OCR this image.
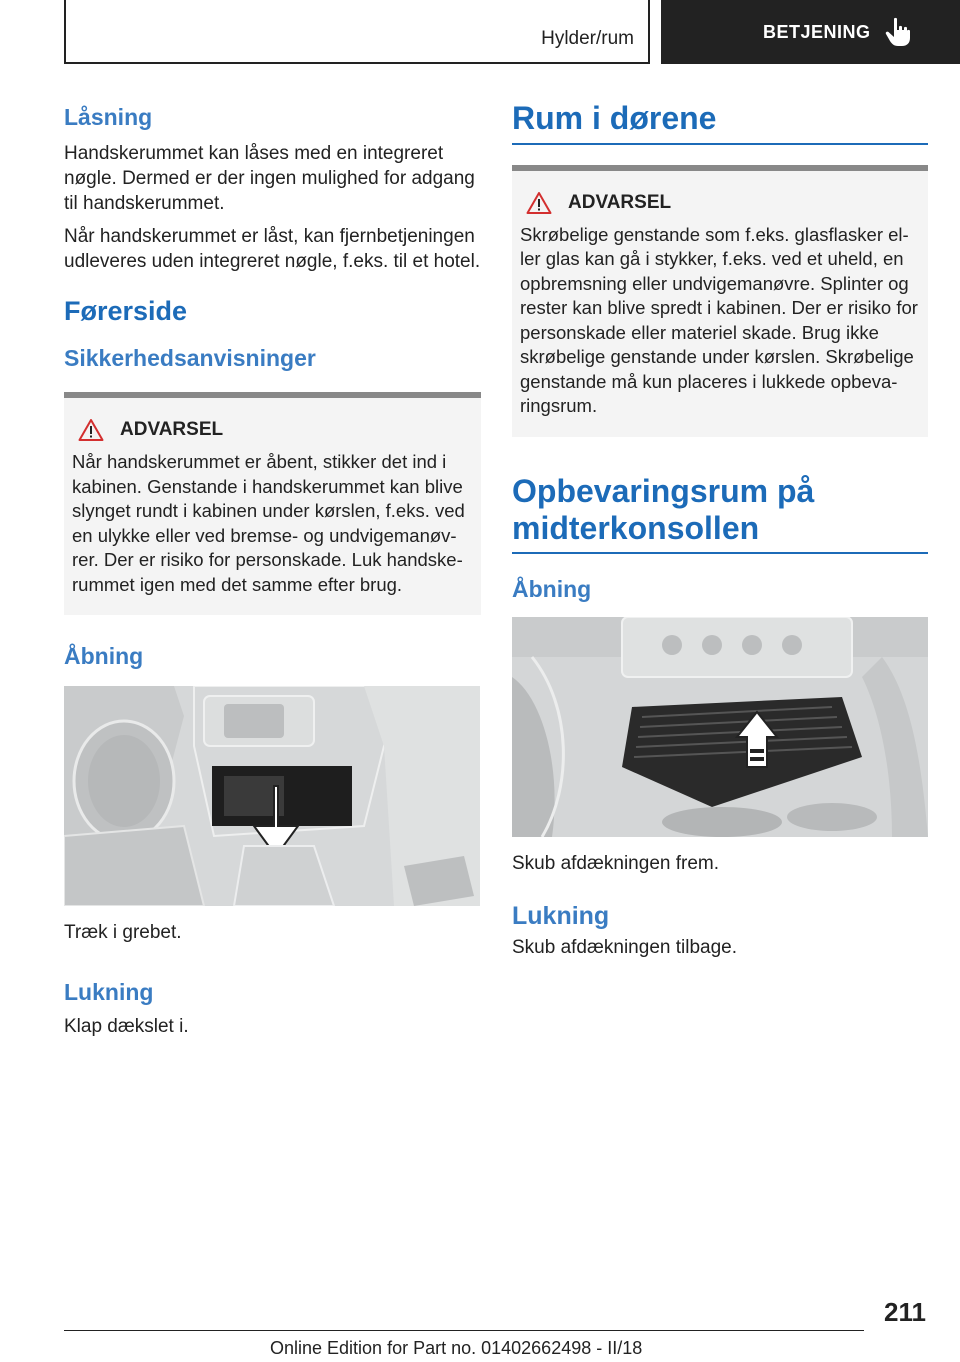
Hylder/rum	BETJENING
Låsning

Handskerummet kan låses med en integreret nøgle. Dermed er der ingen mulighed for adgang til handskerummet.

Når handskerummet er låst, kan fjernbetjeningen udleveres uden integreret nøgle, f.eks. til et hotel.

Førerside
Sikkerhedsanvisninger
ADVARSEL

Når handskerummet er åbent, stikker det ind i kabinen. Genstande i handskerummet kan blive slynget rundt i kabinen under kørslen, f.eks. ved en ulykke eller ved bremse- og undvigemanøv-rer. Der er risiko for personskade. Luk handske-rummet igen med det samme efter brug.

Åbning

Træk i grebet.

Lukning

Klap dækslet i.

Rum i dørene
ADVARSEL

Skrøbelige genstande som f.eks. glasflasker el-ler glas kan gå i stykker, f.eks. ved et uheld, en opbremsning eller undvigemanøvre. Splinter og rester kan blive spredt i kabinen. Der er risiko for personskade eller materiel skade. Brug ikke skrøbelige genstande under kørslen. Skrøbelige genstande må kun placeres i lukkede opbeva-ringsrum.

Opbevaringsrum på midterkonsollen
Åbning

Skub afdækningen frem.

Lukning

Skub afdækningen tilbage.

211
Online Edition for Part no. 01402662498 - II/18
